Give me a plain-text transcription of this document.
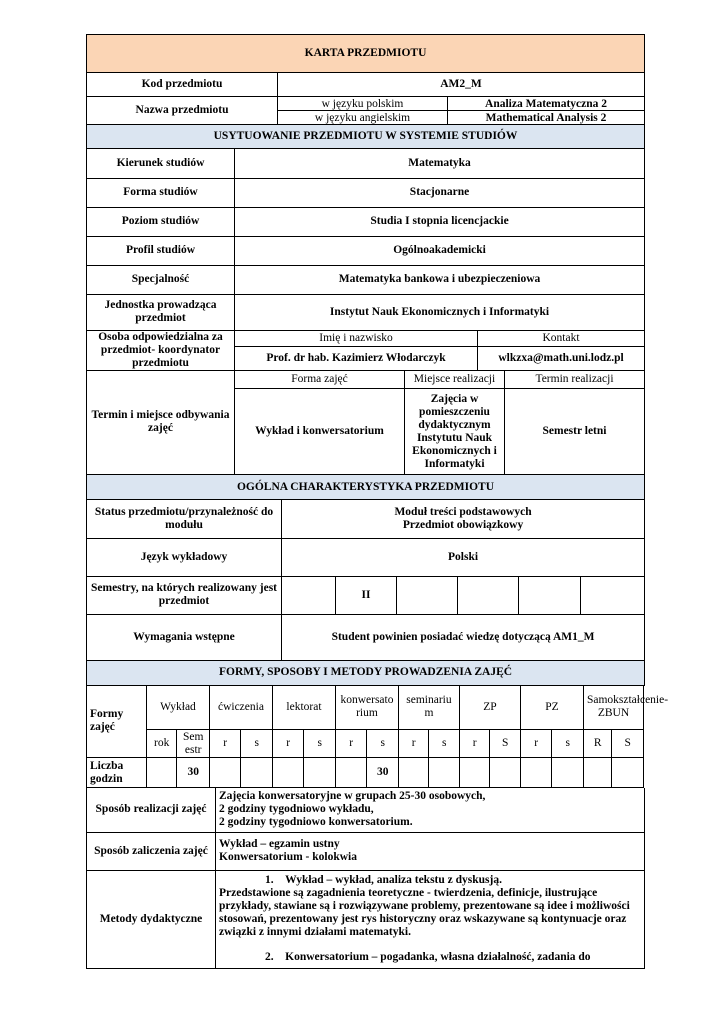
KARTA PRZEDMIOTU		
Kod przedmiotu	AM2_M	
Nazwa przedmiotu	w języku polskim	Analiza Matematyczna 2
	w języku angielskim	Mathematical Analysis 2
USYTUOWANIE PRZEDMIOTU W SYSTEMIE STUDIÓW		
Kierunek studiów	Matematyka	
Forma studiów	Stacjonarne	
Poziom studiów	Studia I stopnia licencjackie	
Profil studiów	Ogólnoakademicki	
Specjalność	Matematyka bankowa i ubezpieczeniowa	
Jednostka prowadząca przedmiot	Instytut Nauk Ekonomicznych i Informatyki	
Osoba odpowiedzialna za przedmiot- koordynator przedmiotu	Imię i nazwisko	Kontakt
	Prof. dr hab. Kazimierz Włodarczyk	wlkzxa@math.uni.lodz.pl
Termin i miejsce odbywania zajęć	Forma zajęć	Miejsce realizacji	Termin realizacji
	Wykład i konwersatorium	Zajęcia w pomieszczeniu dydaktycznym Instytutu Nauk Ekonomicznych i Informatyki	Semestr letni
OGÓLNA CHARAKTERYSTYKA PRZEDMIOTU			
Status przedmiotu/przynależność do modułu	Moduł treści podstawowych
Przedmiot obowiązkowy					

Język wykładowy	Polski					
Semestry, na których realizowany jest przedmiot		II				
Wymagania wstępne	Student powinien posiadać wiedzę dotyczącą AM1_M					
FORMY, SPOSOBY I METODY PROWADZENIA ZAJĘĆ						
Formy zajęć	Wykład		ćwiczenia		lektorat		konwersato rium		seminariu m		ZP		PZ		Samokształcenie- ZBUN	
	rok	Sem estr	r	s	r	s	r	s	r	s	r	S	r	s	R	S
Liczba godzin		30						30								
Sposób realizacji zajęć	Zajęcia konwersatoryjne w grupach 25-30 osobowych,
2 godziny tygodniowo wykładu,
2 godziny tygodniowo konwersatorium.

Sposób zaliczenia zajęć	Wykład – egzamin ustny
Konwersatorium - kolokwia

Metody dydaktyczne	1. Wykład – wykład, analiza tekstu z dyskusją.
Przedstawione są zagadnienia teoretyczne - twierdzenia, definicje, ilustrujące przykłady, stawiane są i rozwiązywane problemy, prezentowane są idee i możliwości stosowań, prezentowany jest rys historyczny oraz wskazywane są kontynuacje oraz związki z innymi działami matematyki.
2. Konwersatorium – pogadanka, własna działalność, zadania do
